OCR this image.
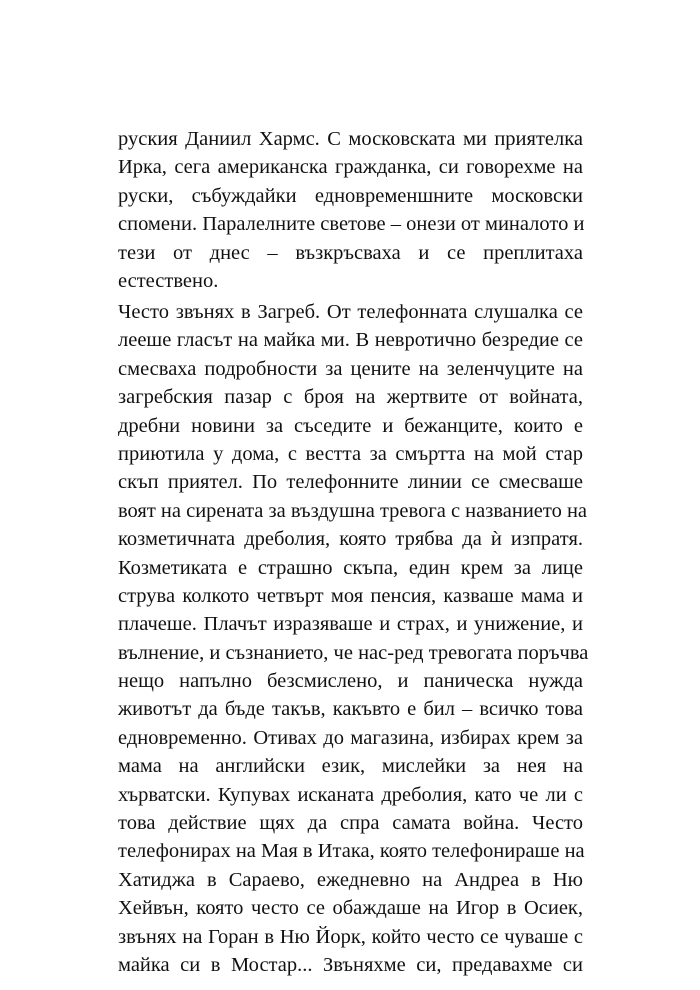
руския Даниил Хармс. С московската ми приятелка
Ирка, сега американска гражданка, си говорехме на
руски, събуждайки едновременшните московски
спомени. Паралелните светове – онези от миналото и
тези от днес – възкръсваха и се преплитаха
естествено.
Често звънях в Загреб. От телефонната слушалка се
лееше гласът на майка ми. В невротично безредие се
смесваха подробности за цените на зеленчуците на
загребския пазар с броя на жертвите от войната,
дребни новини за съседите и бежанците, които е
приютила у дома, с вестта за смъртта на мой стар
скъп приятел. По телефонните линии се смесваше
воят на сирената за въздушна тревога с названието на
козметичната дреболия, която трябва да ѝ изпратя.
Козметиката е страшно скъпа, един крем за лице
струва колкото четвърт моя пенсия, казваше мама и
плачеше. Плачът изразяваше и страх, и унижение, и
вълнение, и съзнанието, че нас-ред тревогата поръчва
нещо напълно безсмислено, и паническа нужда
животът да бъде такъв, какъвто е бил – всичко това
едновременно. Отивах до магазина, избирах крем за
мама на английски език, мислейки за нея на
хърватски. Купувах исканата дреболия, като че ли с
това действие щях да спра самата война. Често
телефонирах на Мая в Итака, която телефонираше на
Хатиджа в Сараево, ежедневно на Андреа в Ню
Хейвън, която често се обаждаше на Игор в Осиек,
звънях на Горан в Ню Йорк, който често се чуваше с
майка си в Мостар... Звъняхме си, предавахме си
